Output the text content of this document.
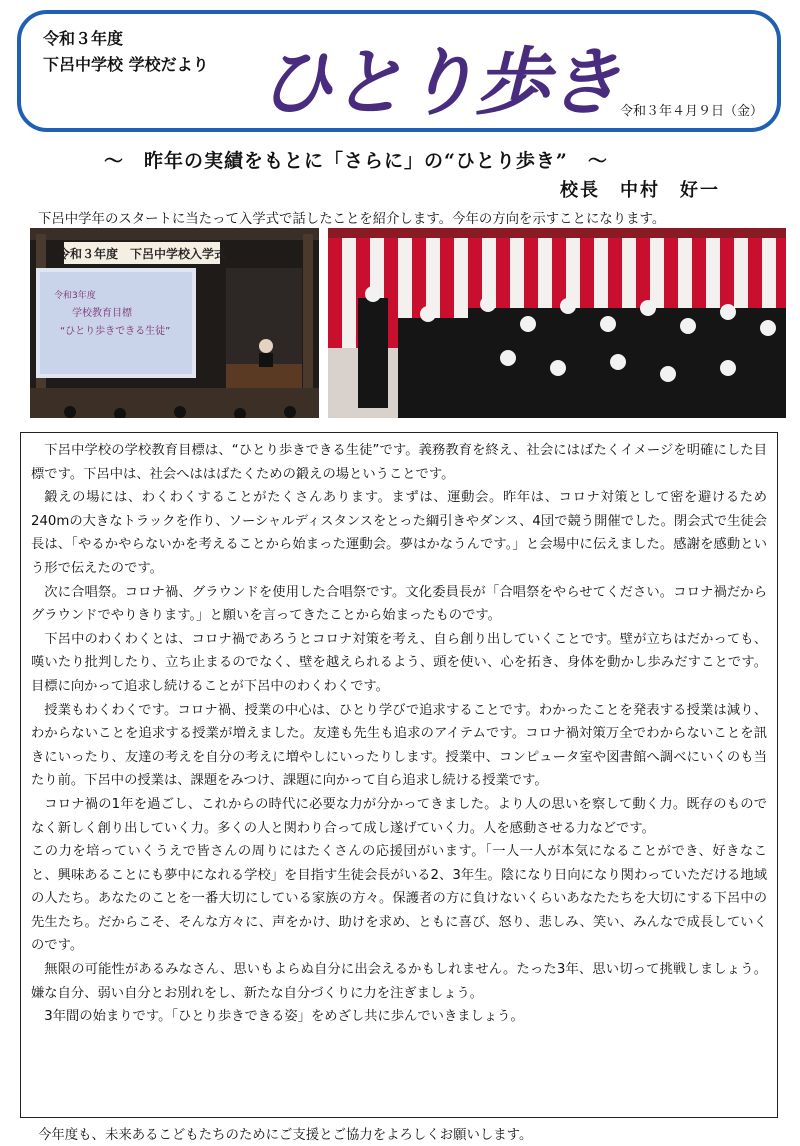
令和３年度
下呂中学校 学校だより ひとり歩き 令和３年４月９日（金）
～　昨年の実績をもとに「さらに」の“ひとり歩き”　～
校長　中村　好一
下呂中学年のスタートに当たって入学式で話したことを紹介します。今年の方向を示すことになります。
令和３年度　下呂中学校入学式
令和3年度
学校教育目標
“ひとり歩きできる生徒”

下呂中学校の学校教育目標は、“ひとり歩きできる生徒”です。義務教育を終え、社会にはばたくイメージを明確にした目標です。下呂中は、社会へははばたくための鍛えの場ということです。

鍛えの場には、わくわくすることがたくさんあります。まずは、運動会。昨年は、コロナ対策として密を避けるため240mの大きなトラックを作り、ソーシャルディスタンスをとった綱引きやダンス、4団で競う開催でした。閉会式で生徒会長は、「やるかやらないかを考えることから始まった運動会。夢はかなうんです。」と会場中に伝えました。感謝を感動という形で伝えたのです。

次に合唱祭。コロナ禍、グラウンドを使用した合唱祭です。文化委員長が「合唱祭をやらせてください。コロナ禍だからグラウンドでやりきります。」と願いを言ってきたことから始まったものです。

下呂中のわくわくとは、コロナ禍であろうとコロナ対策を考え、自ら創り出していくことです。壁が立ちはだかっても、嘆いたり批判したり、立ち止まるのでなく、壁を越えられるよう、頭を使い、心を拓き、身体を動かし歩みだすことです。目標に向かって追求し続けることが下呂中のわくわくです。

授業もわくわくです。コロナ禍、授業の中心は、ひとり学びで追求することです。わかったことを発表する授業は減り、わからないことを追求する授業が増えました。友達も先生も追求のアイテムです。コロナ禍対策万全でわからないことを訊きにいったり、友達の考えを自分の考えに増やしにいったりします。授業中、コンピュータ室や図書館へ調べにいくのも当たり前。下呂中の授業は、課題をみつけ、課題に向かって自ら追求し続ける授業です。

コロナ禍の1年を過ごし、これからの時代に必要な力が分かってきました。より人の思いを察して動く力。既存のものでなく新しく創り出していく力。多くの人と関わり合って成し遂げていく力。人を感動させる力などです。

この力を培っていくうえで皆さんの周りにはたくさんの応援団がいます。「一人一人が本気になることができ、好きなこと、興味あることにも夢中になれる学校」を目指す生徒会長がいる2、3年生。陰になり日向になり関わっていただける地域の人たち。あなたのことを一番大切にしている家族の方々。保護者の方に負けないくらいあなたたちを大切にする下呂中の先生たち。だからこそ、そんな方々に、声をかけ、助けを求め、ともに喜び、怒り、悲しみ、笑い、みんなで成長していくのです。

無限の可能性があるみなさん、思いもよらぬ自分に出会えるかもしれません。たった3年、思い切って挑戦しましょう。嫌な自分、弱い自分とお別れをし、新たな自分づくりに力を注ぎましょう。

3年間の始まりです。「ひとり歩きできる姿」をめざし共に歩んでいきましょう。

今年度も、未来あるこどもたちのためにご支援とご協力をよろしくお願いします。
